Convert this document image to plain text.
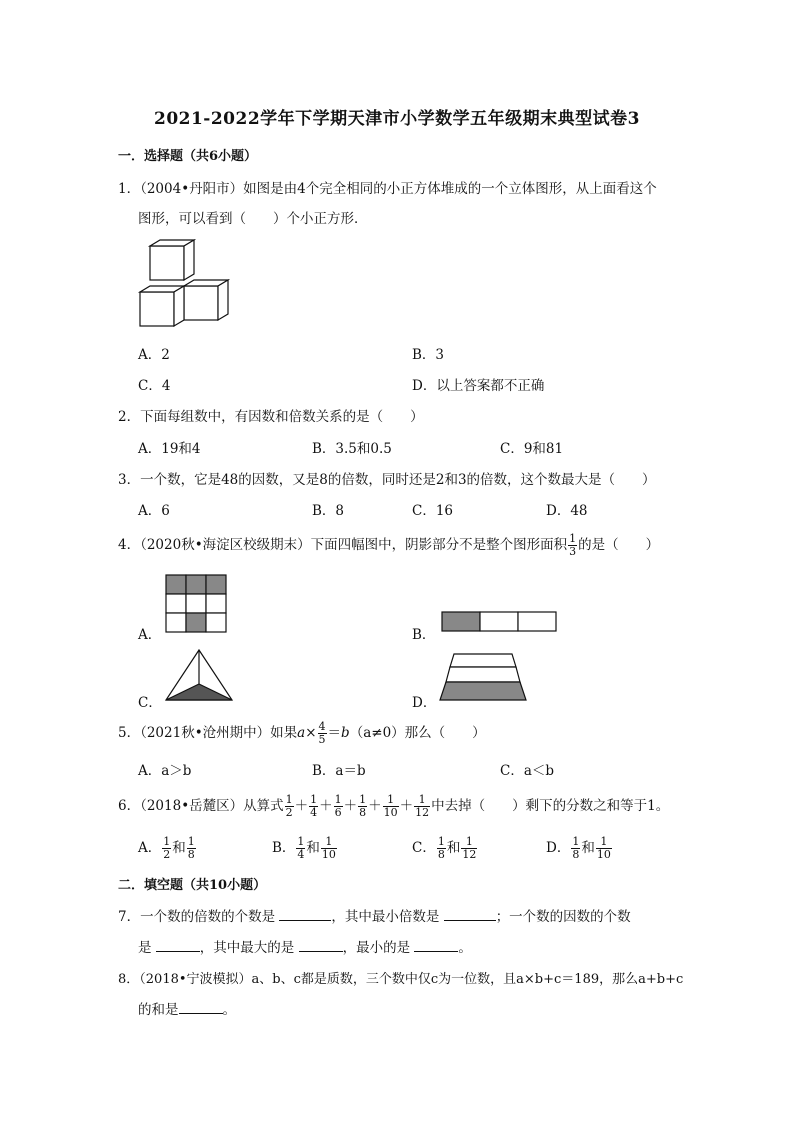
2021-2022学年下学期天津市小学数学五年级期末典型试卷3
一．选择题（共6小题）
1．（2004•丹阳市）如图是由4个完全相同的小正方体堆成的一个立体图形，从上面看这个
图形，可以看到（　　）个小正方形．
A．2	B．3
C．4	D．以上答案都不正确
2．下面每组数中，有因数和倍数关系的是（　　）
A．19和4	B．3.5和0.5	C．9和81
3．一个数，它是48的因数，又是8的倍数，同时还是2和3的倍数，这个数最大是（　　）
A．6	B．8	C．16	D．48
4．（2020秋•海淀区校级期末）下面四幅图中，阴影部分不是整个图形面积 $\frac{1}{3}$ 的是（　　）
A．	B．
C．	D．
5．（2021秋•沧州期中）如果$a\times \frac{4}{5} =b(a\ne 0)$那么（　　）
A．a＞b	B．a＝b	C．a＜b
6．（2018•岳麓区）从算式 $\frac{1}{2} + \frac{1}{4} + \frac{1}{6} + \frac{1}{8} + \frac{1}{10} + \frac{1}{12}$ 中去掉（　　）剩下的分数之和等于1。
A． $\frac{1}{2}$ 和 $\frac{1}{8}$	B． $\frac{1}{4}$ 和 $\frac{1}{10}$	C． $\frac{1}{8}$ 和 $\frac{1}{12}$	D． $\frac{1}{8}$ 和 $\frac{1}{10}$
二．填空题（共10小题）
7．一个数的倍数的个数是	，其中最小倍数是	；一个数的因数的个数
是	，其中最大的是	，最小的是	。
8．（2018•宁波模拟）a、b、c都是质数，三个数中仅c为一位数，且a×b+c＝189，那么a+b+c
的和是	。
